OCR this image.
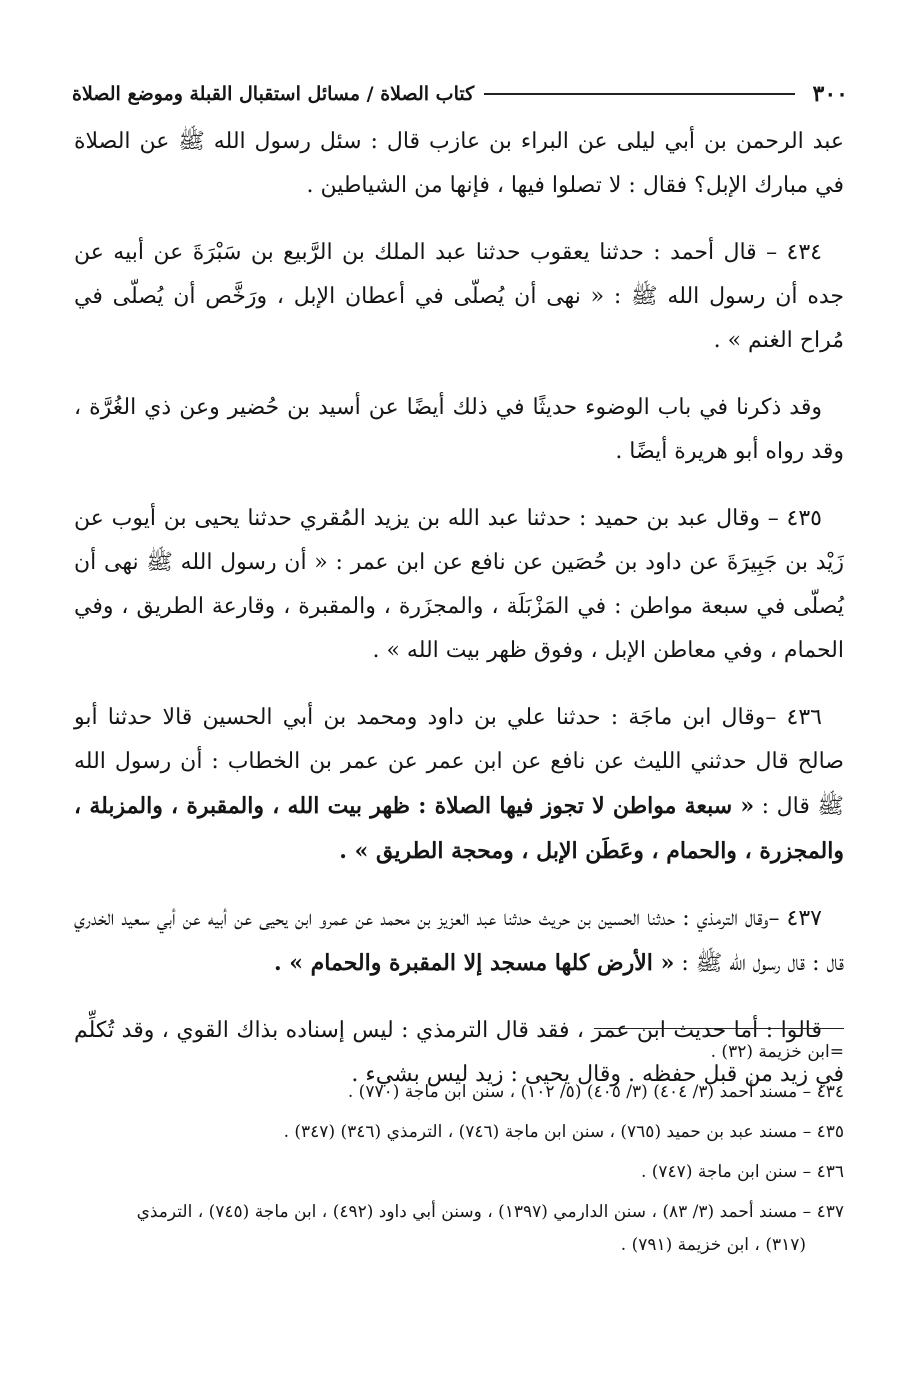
٣٠٠
كتاب الصلاة / مسائل استقبال القبلة وموضع الصلاة

عبد الرحمن بن أبي ليلى عن البراء بن عازب قال : سئل رسول الله ﷺ عن الصلاة في مبارك الإبل؟ فقال : لا تصلوا فيها ، فإنها من الشياطين .

٤٣٤ – قال أحمد : حدثنا يعقوب حدثنا عبد الملك بن الرَّبيع بن سَبْرَةَ عن أبيه عن جده أن رسول الله ﷺ : « نهى أن يُصلّى في أعطان الإبل ، ورَخَّص أن يُصلّى في مُراح الغنم » .

وقد ذكرنا في باب الوضوء حديثًا في ذلك أيضًا عن أسيد بن حُضير وعن ذي الغُرَّة ، وقد رواه أبو هريرة أيضًا .

٤٣٥ – وقال عبد بن حميد : حدثنا عبد الله بن يزيد المُقري حدثنا يحيى بن أيوب عن زَيْد بن جَبِيرَةَ عن داود بن حُصَين عن نافع عن ابن عمر : « أن رسول الله ﷺ نهى أن يُصلّى في سبعة مواطن : في المَزْبَلَة ، والمجزَرة ، والمقبرة ، وقارعة الطريق ، وفي الحمام ، وفي معاطن الإبل ، وفوق ظهر بيت الله » .

٤٣٦ –وقال ابن ماجَة : حدثنا علي بن داود ومحمد بن أبي الحسين قالا حدثنا أبو صالح قال حدثني الليث عن نافع عن ابن عمر عن عمر بن الخطاب : أن رسول الله ﷺ قال : « سبعة مواطن لا تجوز فيها الصلاة : ظهر بيت الله ، والمقبرة ، والمزبلة ، والمجزرة ، والحمام ، وعَطَن الإبل ، ومحجة الطريق » .

٤٣٧ –وقال الترمذي : حدثنا الحسين بن حريث حدثنا عبد العزيز بن محمد عن عمرو ابن يحيى عن أبيه عن أبي سعيد الخدري قال : قال رسول الله ﷺ : « الأرض كلها مسجد إلا المقبرة والحمام » .

قالوا : أما حديث ابن عمر ، فقد قال الترمذي : ليس إسناده بذاك القوي ، وقد تُكلِّم في زيد من قبل حفظه . وقال يحيى : زيد ليس بشيء .

=ابن خزيمة (٣٢) .

٤٣٤ – مسند أحمد (٣/ ٤٠٤) (٣/ ٤٠٥) (٥/ ١٠٢) ، سنن ابن ماجة (٧٧٠) .

٤٣٥ – مسند عبد بن حميد (٧٦٥) ، سنن ابن ماجة (٧٤٦) ، الترمذي (٣٤٦) (٣٤٧) .

٤٣٦ – سنن ابن ماجة (٧٤٧) .

٤٣٧ – مسند أحمد (٣/ ٨٣) ، سنن الدارمي (١٣٩٧) ، وسنن أبي داود (٤٩٢) ، ابن ماجة (٧٤٥) ، الترمذي
(٣١٧) ، ابن خزيمة (٧٩١) .
